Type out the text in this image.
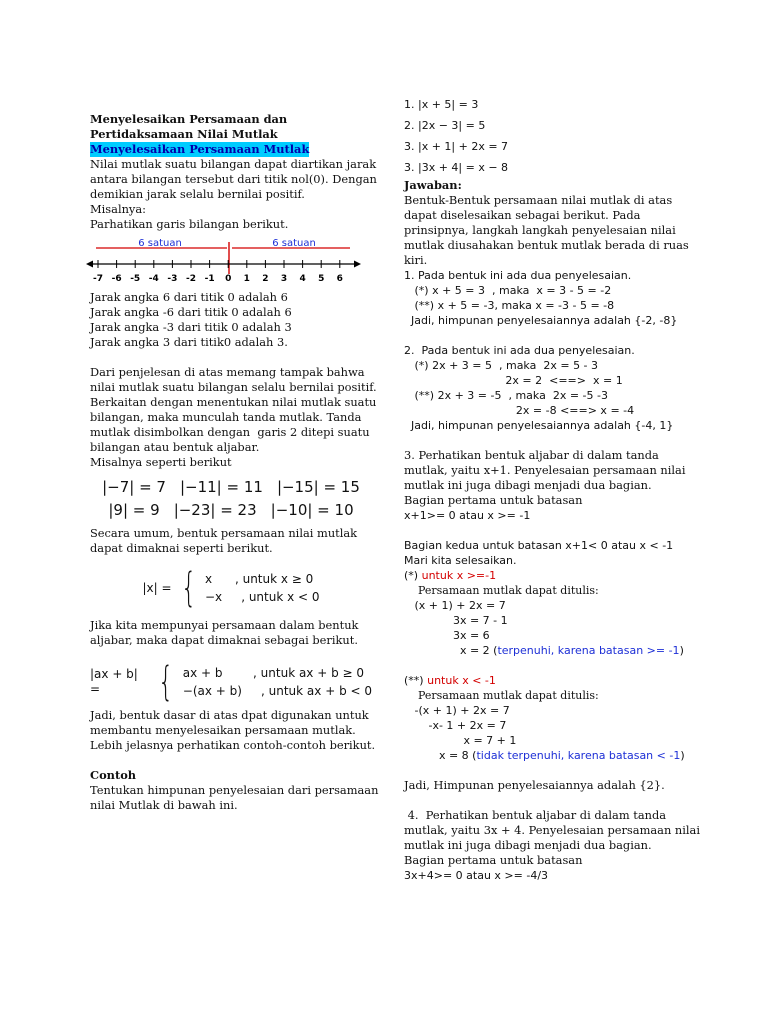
Menyelesaikan Persamaan dan
Pertidaksamaan Nilai Mutlak
Menyelesaikan Persamaan Mutlak
Nilai mutlak suatu bilangan dapat diartikan jarak
antara bilangan tersebut dari titik nol(0). Dengan
demikian jarak selalu bernilai positif.
Misalnya:
Parhatikan garis bilangan berikut.
6 satuan	6 satuan
-7 -6 -5 -4 -3 -2 -1 0 1 2 3 4 5 6
Jarak angka 6 dari titik 0 adalah 6
Jarak angka -6 dari titik 0 adalah 6
Jarak angka -3 dari titik 0 adalah 3
Jarak angka 3 dari titik0 adalah 3.
Dari penjelesan di atas memang tampak bahwa
nilai mutlak suatu bilangan selalu bernilai positif.
Berkaitan dengan menentukan nilai mutlak suatu
bilangan, maka munculah tanda mutlak. Tanda
mutlak disimbolkan dengan  garis 2 ditepi suatu
bilangan atau bentuk aljabar.
Misalnya seperti berikut
|−7| = 7 |−11| = 11 |−15| = 15
|9| = 9 |−23| = 23 |−10| = 10
Secara umum, bentuk persamaan nilai mutlak
dapat dimaknai seperti berikut.
|x| = { x      , untuk x ≥ 0
−x     , untuk x < 0
Jika kita mempunyai persamaan dalam bentuk
aljabar, maka dapat dimaknai sebagai berikut.
|ax + b| =	{ ax + b        , untuk ax + b ≥ 0
−(ax + b)     , untuk ax + b < 0
Jadi, bentuk dasar di atas dpat digunakan untuk
membantu menyelesaikan persamaan mutlak.
Lebih jelasnya perhatikan contoh-contoh berikut.
Contoh
Tentukan himpunan penyelesaian dari persamaan
nilai Mutlak di bawah ini.
1. |x + 5| = 3
2. |2x − 3| = 5
3. |x + 1| + 2x = 7
3. |3x + 4| = x − 8
Jawaban:
Bentuk-Bentuk persamaan nilai mutlak di atas
dapat diselesaikan sebagai berikut. Pada
prinsipnya, langkah langkah penyelesaian nilai
mutlak diusahakan bentuk mutlak berada di ruas
kiri.
1. Pada bentuk ini ada dua penyelesaian.
(*) x + 5 = 3  , maka  x = 3 - 5 = -2
(**) x + 5 = -3, maka x = -3 - 5 = -8
Jadi, himpunan penyelesaiannya adalah {-2, -8}
2.  Pada bentuk ini ada dua penyelesaian.
(*) 2x + 3 = 5  , maka  2x = 5 - 3
2x = 2  <==>  x = 1
(**) 2x + 3 = -5  , maka  2x = -5 -3
2x = -8 <==> x = -4
Jadi, himpunan penyelesaiannya adalah {-4, 1}
3. Perhatikan bentuk aljabar di dalam tanda
mutlak, yaitu x+1. Penyelesaian persamaan nilai
mutlak ini juga dibagi menjadi dua bagian.
Bagian pertama untuk batasan
x+1>= 0 atau x >= -1
Bagian kedua untuk batasan x+1< 0 atau x < -1
Mari kita selesaikan.
(*) untuk x >=-1
Persamaan mutlak dapat ditulis:
(x + 1) + 2x = 7
3x = 7 - 1
3x = 6
x = 2 (terpenuhi, karena batasan >= -1)
(**) untuk x < -1
Persamaan mutlak dapat ditulis:
-(x + 1) + 2x = 7
-x- 1 + 2x = 7
x = 7 + 1
x = 8 (tidak terpenuhi, karena batasan < -1)
Jadi, Himpunan penyelesaiannya adalah {2}.
4.  Perhatikan bentuk aljabar di dalam tanda
mutlak, yaitu 3x + 4. Penyelesaian persamaan nilai
mutlak ini juga dibagi menjadi dua bagian.
Bagian pertama untuk batasan
3x+4>= 0 atau x >= -4/3
